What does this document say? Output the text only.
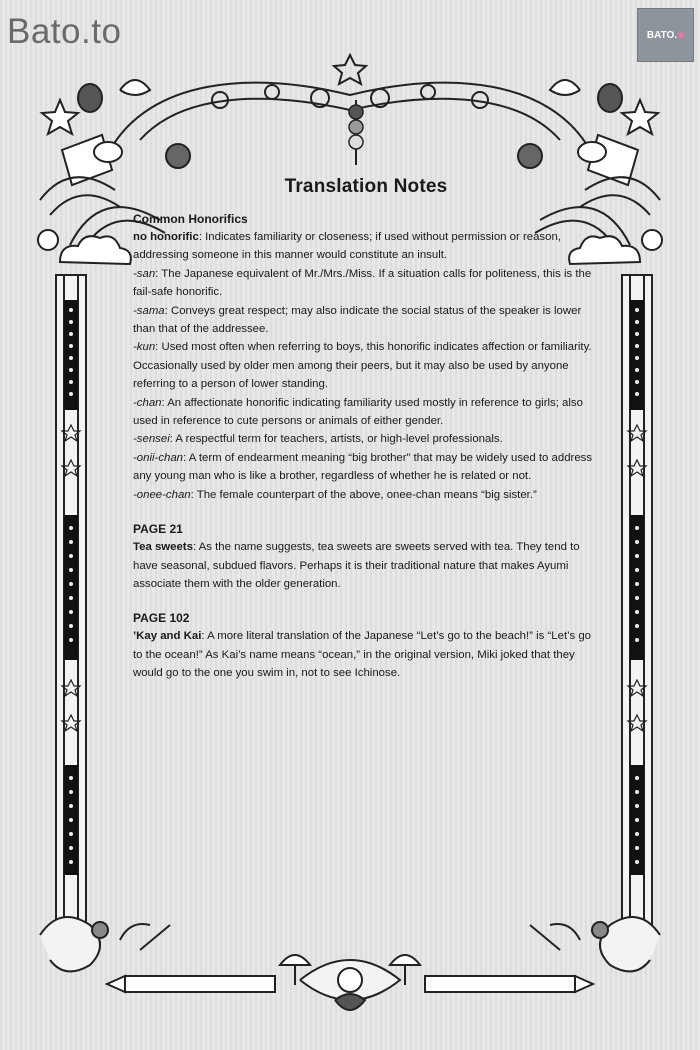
Bato.to	BATO.
Translation Notes
Common Honorifics
no honorific: Indicates familiarity or closeness; if used without permission or reason, addressing someone in this manner would constitute an insult.
-san: The Japanese equivalent of Mr./Mrs./Miss. If a situation calls for politeness, this is the fail-safe honorific.
-sama: Conveys great respect; may also indicate the social status of the speaker is lower than that of the addressee.
-kun: Used most often when referring to boys, this honorific indicates affection or familiarity. Occasionally used by older men among their peers, but it may also be used by anyone referring to a person of lower standing.
-chan: An affectionate honorific indicating familiarity used mostly in reference to girls; also used in reference to cute persons or animals of either gender.
-sensei: A respectful term for teachers, artists, or high-level professionals.
-onii-chan: A term of endearment meaning “big brother” that may be widely used to address any young man who is like a brother, regardless of whether he is related or not.
-onee-chan: The female counterpart of the above, onee-chan means “big sister.”
PAGE 21
Tea sweets: As the name suggests, tea sweets are sweets served with tea. They tend to have seasonal, subdued flavors. Perhaps it is their traditional nature that makes Ayumi associate them with the older generation.
PAGE 102
’Kay and Kai: A more literal translation of the Japanese “Let’s go to the beach!” is “Let’s go to the ocean!” As Kai’s name means “ocean,” in the original version, Miki joked that they would go to the one you swim in, not to see Ichinose.
